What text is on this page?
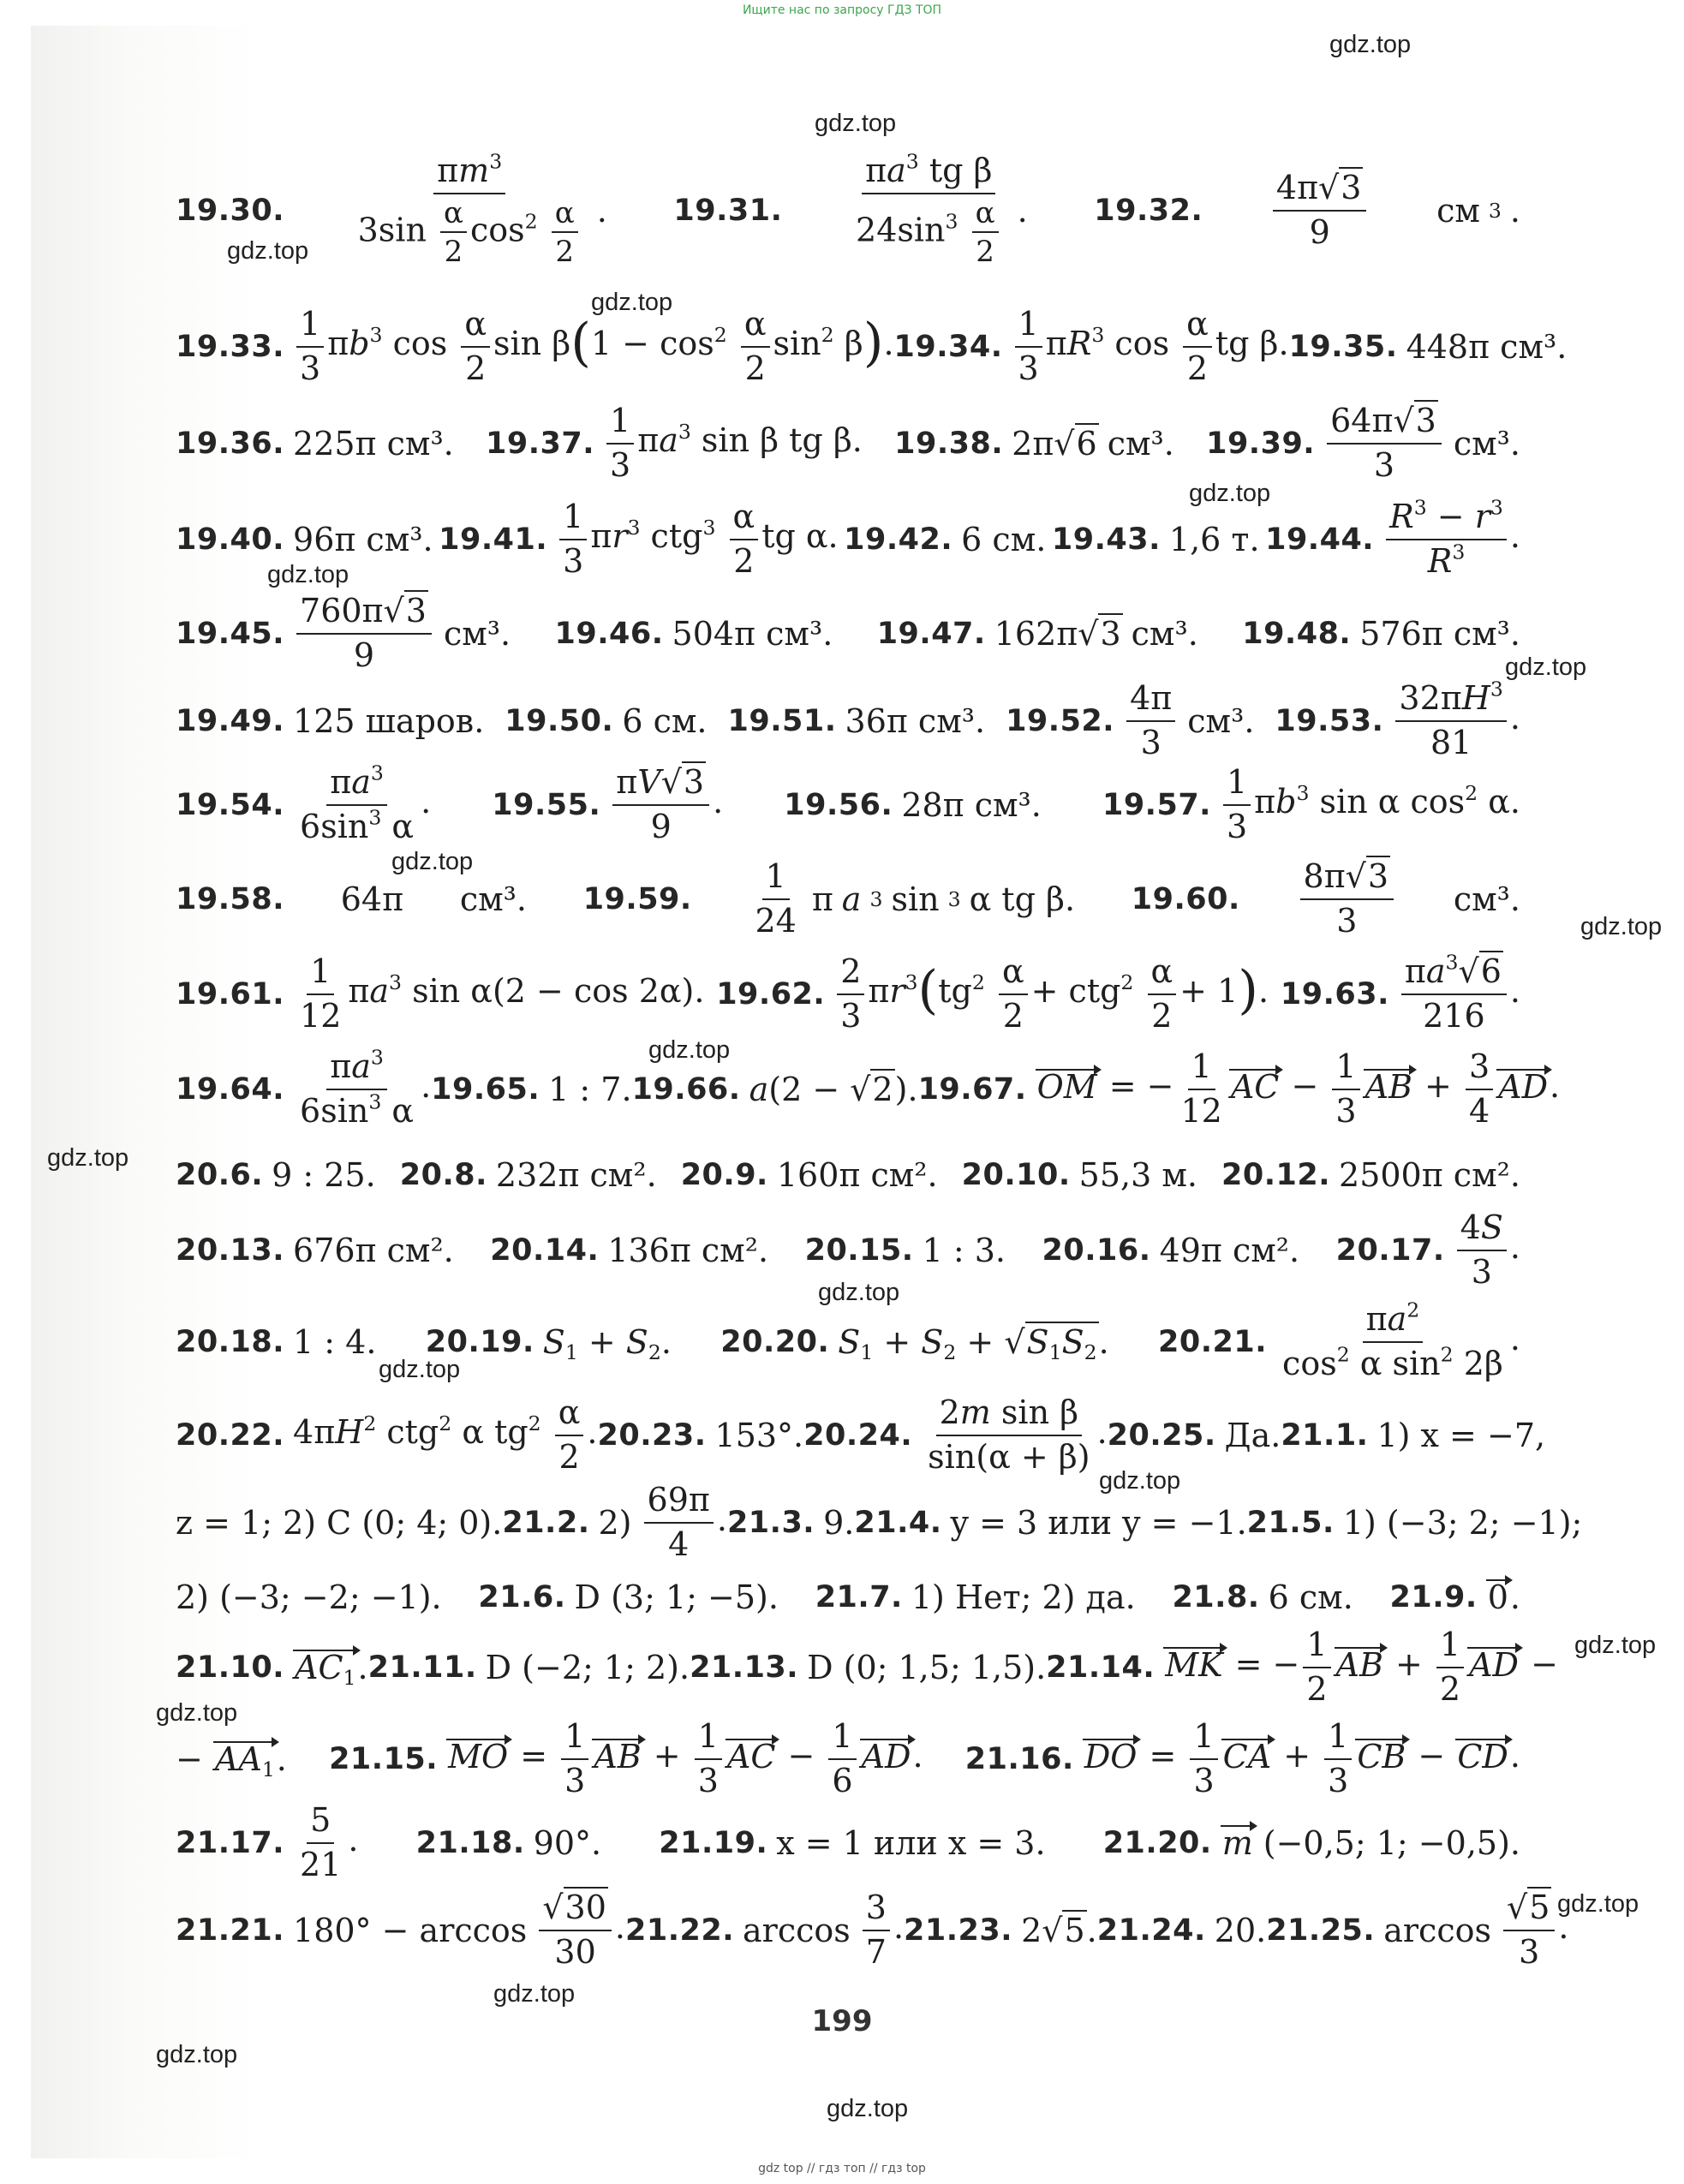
Ищите нас по запросу ГДЗ ТОП
gdz.top
gdz.top
gdz.top
gdz.top
gdz.top
gdz.top
gdz.top
gdz.top
gdz.top
gdz.top
gdz.top
gdz.top
gdz.top
gdz.top
gdz.top
gdz.top
gdz.top
gdz.top
gdz.top
gdz.top
19.30. $\frac{\pi m^3}{3\sin \frac{\alpha}{2} \cos^2 \frac{\alpha}{2}}$ . 19.31. $\frac{\pi a^3 tg \beta}{24\sin^3 \frac{\alpha}{2}}$ . 19.32. $\frac{4\pi√3}{9}$ см 3 .
19.33. $\frac{1}{3} \pi b^3$ $\cos \frac{\alpha}{2}$ $\sin \beta(1 - \cos^2 \frac{\alpha}{2} \sin^2 \beta)$. 19.34. $\frac{1}{3} \pi R^3$ $\cos \frac{\alpha}{2}$ tg β. 19.35. 448π см³.
19.36. 225π см³. 19.37. $\frac{1}{3} \pi a^3$ sin β tg β. 19.38. 2π√6 см³. 19.39. $\frac{64\pi√3}{3} см^3$.
19.40. 96π см³. 19.41. $\frac{1}{3} \pi r^3$ $ctg^3 \frac{\alpha}{2}$ tg α. 19.42. 6 см. 19.43. 1,6 т. 19.44. $\frac{R^3 - r^3}{R^3}$ .
19.45. $\frac{760\pi√3}{9} см^3$. 19.46. 504π см³. 19.47. 162π√3 см³. 19.48. 576π см³.
19.49. 125 шаров. 19.50. 6 см. 19.51. 36π см³. 19.52. $\frac{4\pi}{3} см^3$. 19.53. $\frac{32\pi H^3}{81}$ .
19.54. $\frac{\pi a^3}{6\sin^3 \alpha}$ . 19.55. $\frac{\pi V√3}{9}$ . 19.56. 28π см³. 19.57. $\frac{1}{3} \pi b^3$ sin α $\cos^2 \alpha$.
19.58. 64π см³. 19.59. $\frac{1}{24}$ π a 3 sin 3 α tg β. 19.60. $\frac{8\pi√3}{3} см^3$.
19.61. $\frac{1}{12} \pi a^3$ sin α(2 − cos 2α). 19.62. $\frac{2}{3} \pi r^3(tg^2 \frac{\alpha}{2} + ctg^2 \frac{\alpha}{2} + 1)$. 19.63. $\frac{\pi a^3√6}{216}$ .
19.64. $\frac{\pi a^3}{6\sin^3 \alpha}$ . 19.65. 1 : 7. 19.66. a(2 − √2). 19.67. OM = − $\frac{1}{12}$ AC − $\frac{1}{3}$ AB + $\frac{3}{4}$ AD.
20.6. 9 : 25. 20.8. 232π см². 20.9. 160π см². 20.10. 55,3 м. 20.12. 2500π см².
20.13. 676π см². 20.14. 136π см². 20.15. 1 : 3. 20.16. 49π см². 20.17. $\frac{4S}{3}$ .
20.18. 1 : 4. 20.19. $S_1 + S_2$. 20.20. $S_1 + S_2 + √S_1S_2$. 20.21. $\frac{\pi a^2}{\cos^2 \alpha \sin^2 2\beta}$ .
20.22. $4\pi H^2$ ctg$^2$ α $tg^2 \frac{\alpha}{2}$ . 20.23. 153°. 20.24. $\frac{\text{2m sin β}}{\sin(\alpha + \beta)}$ . 20.25. Да. 21.1. 1) x = −7,
z = 1; 2) C (0; 4; 0). 21.2. $2) \frac{69\pi}{4}$ . 21.3. 9. 21.4. y = 3 или y = −1. 21.5. 1) (−3; 2; −1);
2) (−3; −2; −1). 21.6. D (3; 1; −5). 21.7. 1) Нет; 2) да. 21.8. 6 см. 21.9. 0.
21.10. $AC_1$. 21.11. D (−2; 1; 2). 21.13. D (0; 1,5; 1,5). 21.14. MK = − $\frac{1}{2}$ AB + $\frac{1}{2}$ AD −
− $AA_1$. 21.15. MO = $\frac{1}{3}$ AB + $\frac{1}{3}$ AC − $\frac{1}{6}$ AD. 21.16. DO = $\frac{1}{3}$ CA + $\frac{1}{3}$ CB − CD.
21.17. $\frac{5}{21}$ . 21.18. 90°. 21.19. x = 1 или x = 3. 21.20. m (−0,5; 1; −0,5).
21.21. $180^\circ - \arccos \frac{√30}{30}$ . 21.22. $\arccos \frac{3}{7}$ . 21.23. 2√5. 21.24. 20. 21.25. $\arccos \frac{√5}{3}$ .
199
gdz top // гдз топ // гдз top
